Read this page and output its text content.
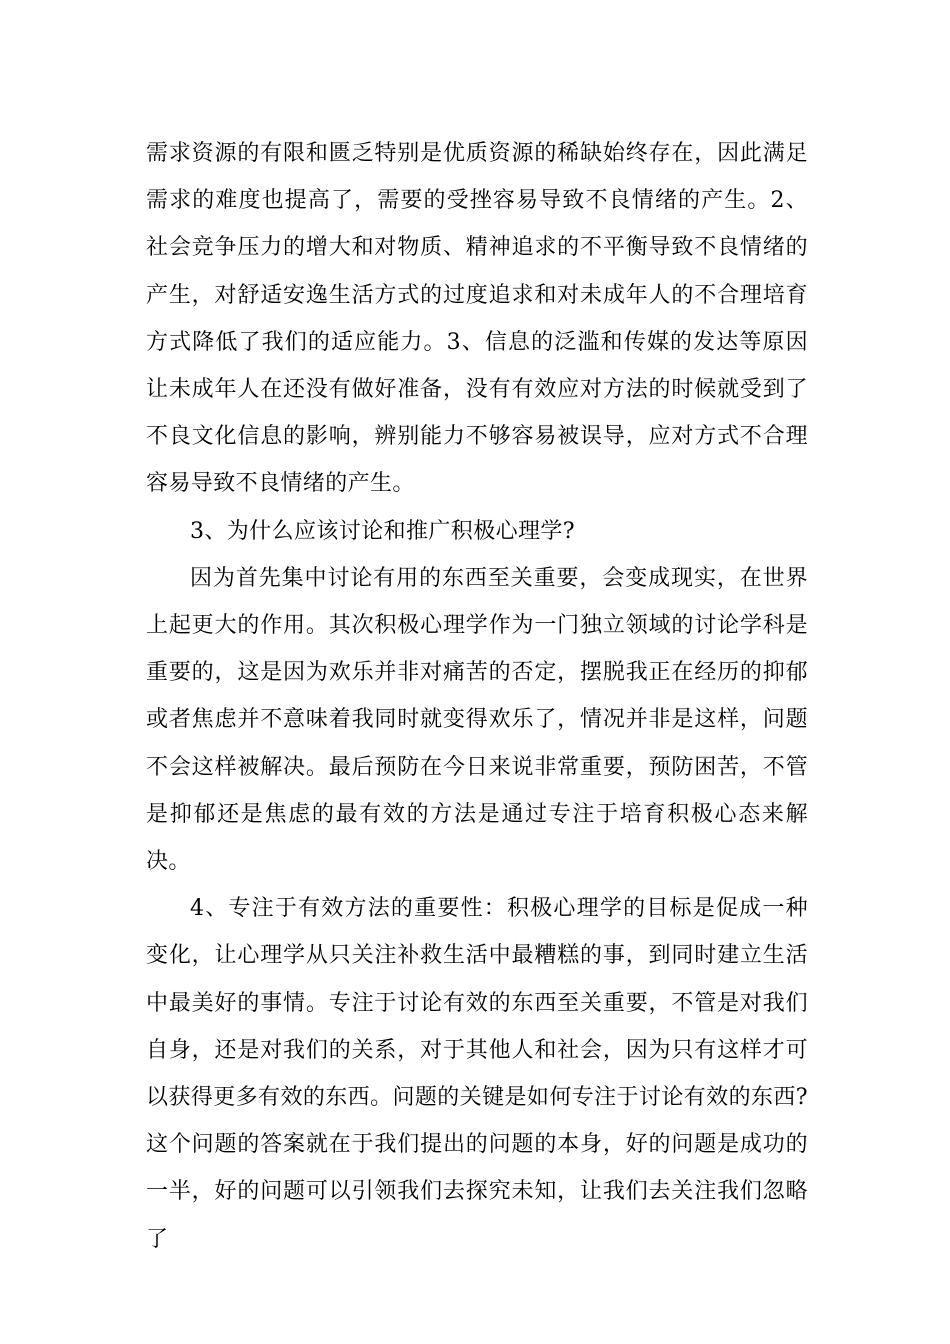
需求资源的有限和匮乏特别是优质资源的稀缺始终存在，因此满足需求的难度也提高了，需要的受挫容易导致不良情绪的产生。2、社会竞争压力的增大和对物质、精神追求的不平衡导致不良情绪的产生，对舒适安逸生活方式的过度追求和对未成年人的不合理培育方式降低了我们的适应能力。3、信息的泛滥和传媒的发达等原因让未成年人在还没有做好准备，没有有效应对方法的时候就受到了不良文化信息的影响，辨别能力不够容易被误导，应对方式不合理容易导致不良情绪的产生。

3、为什么应该讨论和推广积极心理学?

因为首先集中讨论有用的东西至关重要，会变成现实，在世界上起更大的作用。其次积极心理学作为一门独立领域的讨论学科是重要的，这是因为欢乐并非对痛苦的否定，摆脱我正在经历的抑郁或者焦虑并不意味着我同时就变得欢乐了，情况并非是这样，问题不会这样被解决。最后预防在今日来说非常重要，预防困苦，不管是抑郁还是焦虑的最有效的方法是通过专注于培育积极心态来解决。

4、专注于有效方法的重要性：积极心理学的目标是促成一种变化，让心理学从只关注补救生活中最糟糕的事，到同时建立生活中最美好的事情。专注于讨论有效的东西至关重要，不管是对我们自身，还是对我们的关系，对于其他人和社会，因为只有这样才可以获得更多有效的东西。问题的关键是如何专注于讨论有效的东西?这个问题的答案就在于我们提出的问题的本身，好的问题是成功的一半，好的问题可以引领我们去探究未知，让我们去关注我们忽略了
